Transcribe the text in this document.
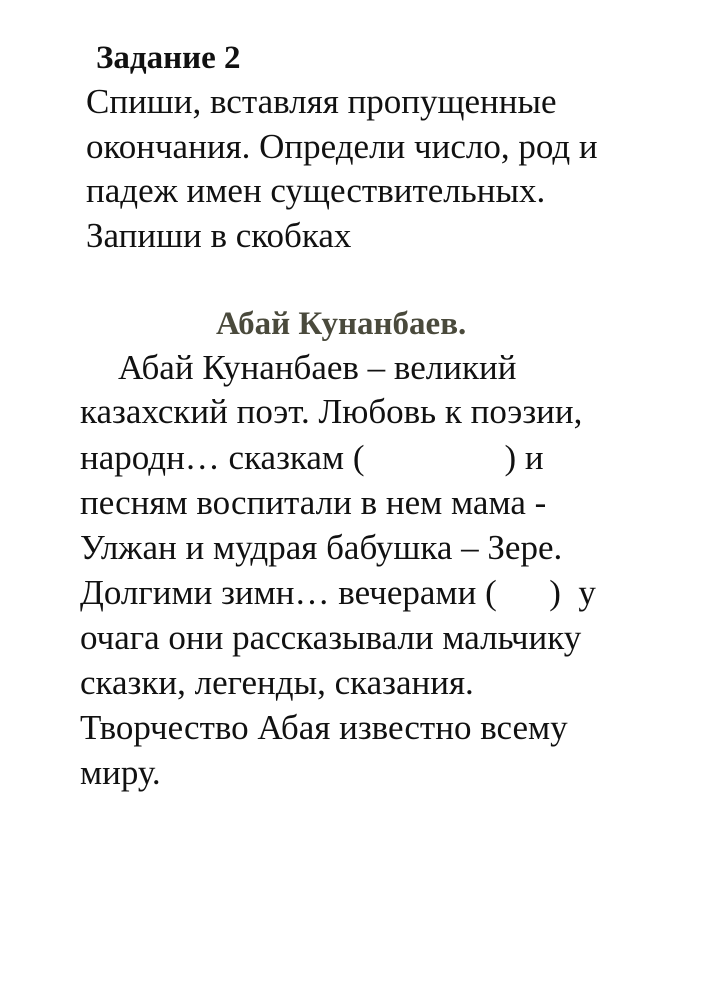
Задание 2
Спиши, вставляя пропущенные
окончания. Определи число, род и
падеж имен существительных.
Запиши в скобках
Абай Кунанбаев.
Абай Кунанбаев – великий
казахский поэт. Любовь к поэзии,
народн… сказкам (                ) и
песням воспитали в нем мама -
Улжан и мудрая бабушка – Зере.
Долгими зимн… вечерами (      )  у
очага они рассказывали мальчику
сказки, легенды, сказания.
Творчество Абая известно всему
миру.
